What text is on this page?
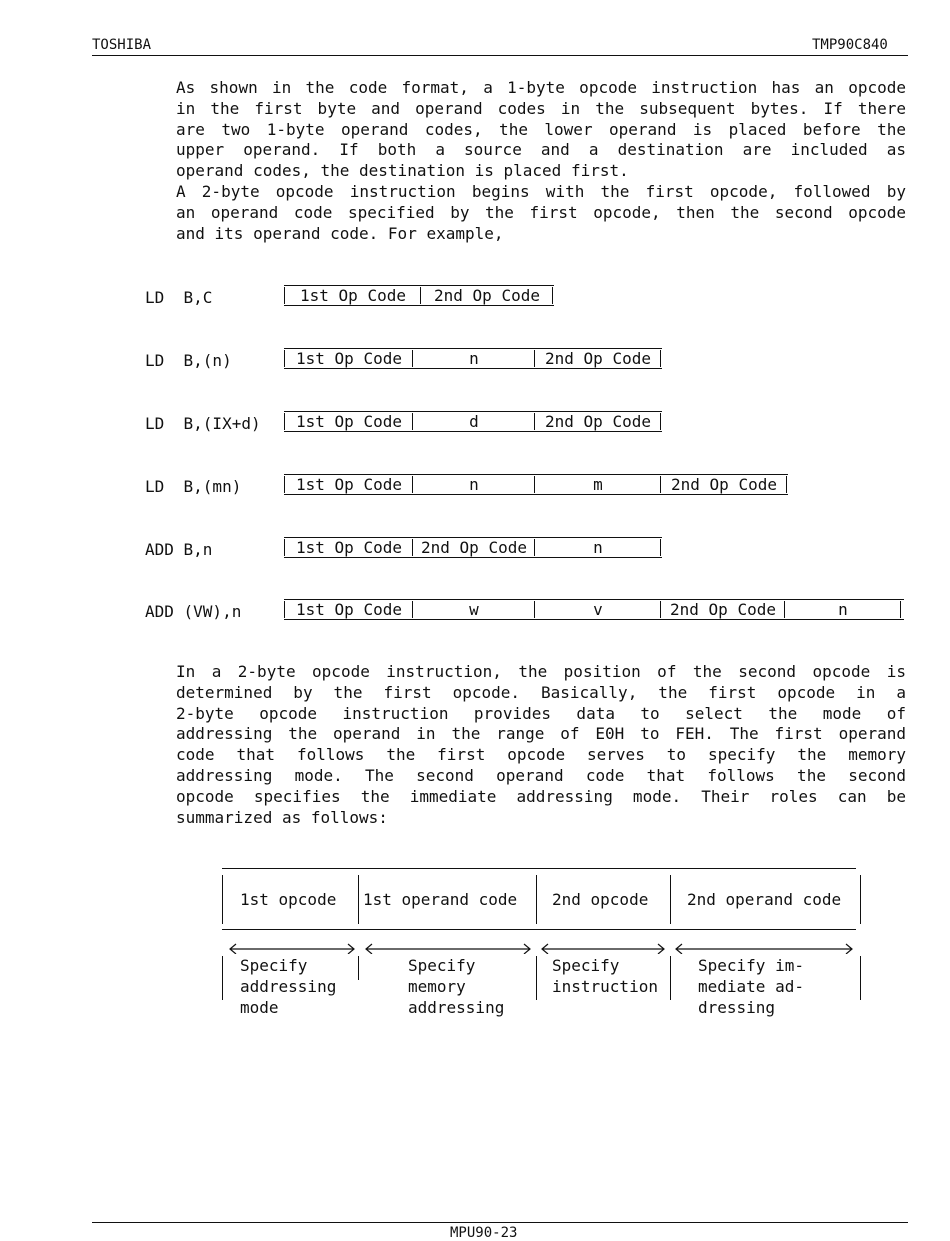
TOSHIBA	TMP90C840
As shown in the code format, a 1-byte opcode instruction has an opcode
in the first byte and operand codes in the subsequent bytes. If there
are two 1-byte operand codes, the lower operand is placed before the
upper operand. If both a source and a destination are included as
operand codes, the destination is placed first.
A 2-byte opcode instruction begins with the first opcode, followed by
an operand code specified by the first opcode, then the second opcode
and its operand code. For example,
LD  B,C	1st Op Code	2nd Op Code
LD  B,(n)	1st Op Code	n	2nd Op Code
LD  B,(IX+d)	1st Op Code	d	2nd Op Code
LD  B,(mn)	1st Op Code	n	m	2nd Op Code
ADD B,n	1st Op Code	2nd Op Code	n
ADD (VW),n	1st Op Code	w	v	2nd Op Code	n
In a 2-byte opcode instruction, the position of the second opcode is
determined by the first opcode. Basically, the first opcode in a
2-byte opcode instruction provides data to select the mode of
addressing the operand in the range of E0H to FEH. The first operand
code that follows the first opcode serves to specify the memory
addressing mode. The second operand code that follows the second
opcode specifies the immediate addressing mode. Their roles can be
summarized as follows:
1st opcode 1st operand code 2nd opcode 2nd operand code
Specify
addressing
mode
Specify
memory
addressing
Specify
instruction
Specify im-
mediate ad-
dressing
MPU90-23
